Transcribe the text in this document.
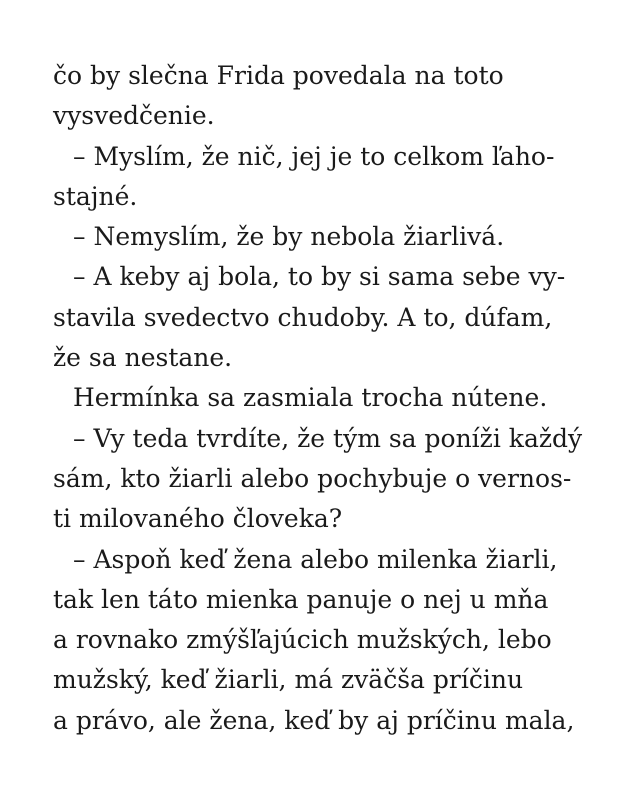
čo by slečna Frida povedala na toto
vysvedčenie.
– Myslím, že nič, jej je to celkom ľaho-
stajné.
– Nemyslím, že by nebola žiarlivá.
– A keby aj bola, to by si sama sebe vy-
stavila svedectvo chudoby. A to, dúfam,
že sa nestane.
Hermínka sa zasmiala trocha nútene.
– Vy teda tvrdíte, že tým sa poníži každý
sám, kto žiarli alebo pochybuje o vernos-
ti milovaného človeka?
– Aspoň keď žena alebo milenka žiarli,
tak len táto mienka panuje o nej u mňa
a rovnako zmýšľajúcich mužských, lebo
mužský, keď žiarli, má zväčša príčinu
a právo, ale žena, keď by aj príčinu mala,
